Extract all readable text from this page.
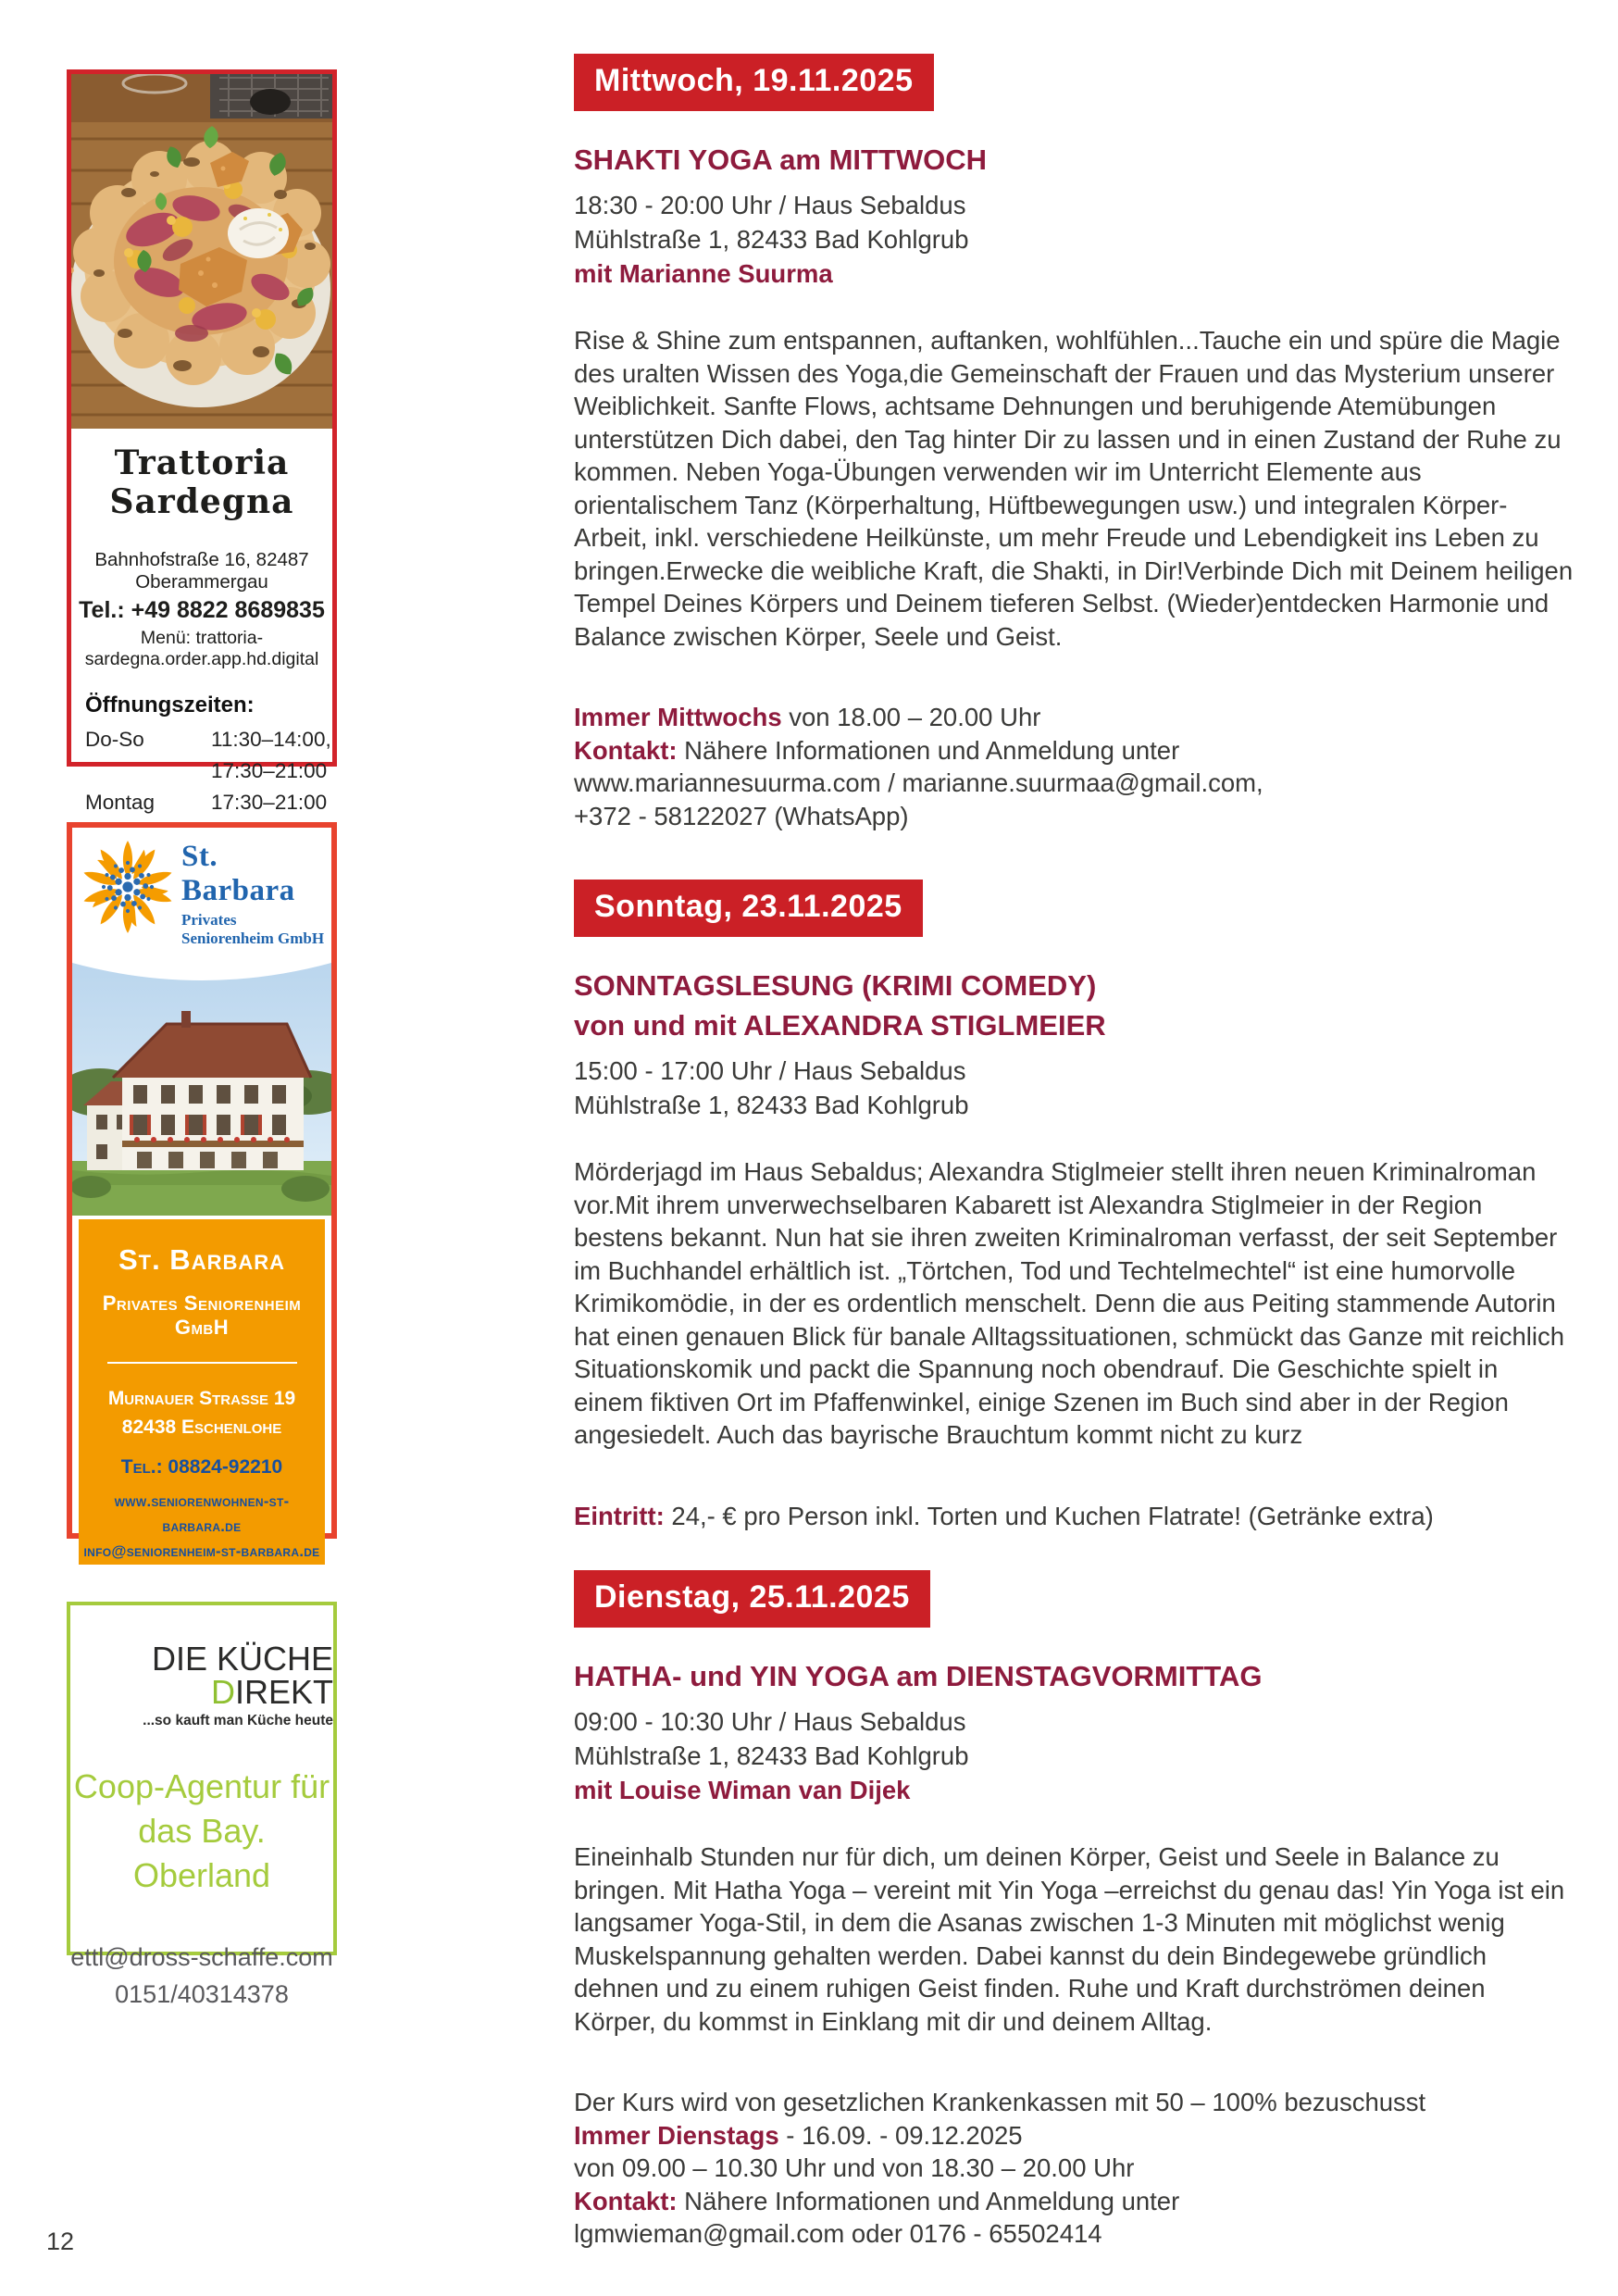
Trattoria Sardegna
Bahnhofstraße 16, 82487 Oberammergau
Tel.: +49 8822 8689835
Menü: trattoria-sardegna.order.app.hd.digital
Öffnungszeiten:
Do-So	11:30–14:00, 17:30–21:00
Montag	17:30–21:00
St. Barbara
Privates Seniorenheim GmbH
St. Barbara
Privates Seniorenheim GmbH
Murnauer Strasse 19
82438 Eschenlohe
Tel.: 08824-92210
www.seniorenwohnen-st-barbara.de
info@seniorenheim-st-barbara.de
DIE KÜCHE DIREKT
...so kauft man Küche heute
Coop-Agentur für
das Bay. Oberland
ettl@dross-schaffe.com
0151/40314378
12
Mittwoch, 19.11.2025
SHAKTI YOGA am MITTWOCH
18:30 - 20:00 Uhr / Haus Sebaldus
Mühlstraße 1, 82433 Bad Kohlgrub
mit Marianne Suurma

Rise & Shine zum entspannen, auftanken, wohlfühlen...Tauche ein und spüre die Magie des uralten Wissen des Yoga,die Gemeinschaft der Frauen und das Mysterium unserer Weiblichkeit. Sanfte Flows, achtsame Dehnungen und beruhigende Atemübungen unterstützen Dich dabei, den Tag hinter Dir zu lassen und in einen Zustand der Ruhe zu kommen. Neben Yoga-Übungen verwenden wir im Unterricht Elemente aus orientalischem Tanz (Körperhaltung, Hüftbewegungen usw.) und integralen Körper-Arbeit, inkl. verschiedene Heilkünste, um mehr Freude und Lebendigkeit ins Leben zu bringen.Erwecke die weibliche Kraft, die Shakti, in Dir!Verbinde Dich mit Deinem heiligen Tempel Deines Körpers und Deinem tieferen Selbst. (Wieder)entdecken Harmonie und Balance zwischen Körper, Seele und Geist.

Immer Mittwochs von 18.00 – 20.00 Uhr
Kontakt: Nähere Informationen und Anmeldung unter
www.mariannesuurma.com / marianne.suurmaa@gmail.com,
+372 - 58122027 (WhatsApp)
Sonntag, 23.11.2025
SONNTAGSLESUNG (KRIMI COMEDY)
von und mit ALEXANDRA STIGLMEIER
15:00 - 17:00 Uhr / Haus Sebaldus
Mühlstraße 1, 82433 Bad Kohlgrub

Mörderjagd im Haus Sebaldus; Alexandra Stiglmeier stellt ihren neuen Kriminalroman vor.Mit ihrem unverwechselbaren Kabarett ist Alexandra Stiglmeier in der Region bestens bekannt. Nun hat sie ihren zweiten Kriminalroman verfasst, der seit September im Buchhandel erhältlich ist. „Törtchen, Tod und Techtelmechtel“ ist eine humorvolle Krimikomödie, in der es ordentlich menschelt. Denn die aus Peiting stammende Autorin hat einen genauen Blick für banale Alltagssituationen, schmückt das Ganze mit reichlich Situationskomik und packt die Spannung noch obendrauf. Die Geschichte spielt in einem fiktiven Ort im Pfaffenwinkel, einige Szenen im Buch sind aber in der Region angesiedelt. Auch das bayrische Brauchtum kommt nicht zu kurz

Eintritt: 24,- € pro Person inkl. Torten und Kuchen Flatrate! (Getränke extra)
Dienstag, 25.11.2025
HATHA- und YIN YOGA am DIENSTAGVORMITTAG
09:00 - 10:30 Uhr / Haus Sebaldus
Mühlstraße 1, 82433 Bad Kohlgrub
mit Louise Wiman van Dijek

Eineinhalb Stunden nur für dich, um deinen Körper, Geist und Seele in Balance zu bringen. Mit Hatha Yoga – vereint mit Yin Yoga –erreichst du genau das! Yin Yoga ist ein langsamer Yoga-Stil, in dem die Asanas zwischen 1-3 Minuten mit möglichst wenig Muskelspannung gehalten werden. Dabei kannst du dein Bindegewebe gründlich dehnen und zu einem ruhigen Geist finden. Ruhe und Kraft durchströmen deinen Körper, du kommst in Einklang mit dir und deinem Alltag.

Der Kurs wird von gesetzlichen Krankenkassen mit 50 – 100% bezuschusst
Immer Dienstags - 16.09. - 09.12.2025
von 09.00 – 10.30 Uhr und von 18.30 – 20.00 Uhr
Kontakt: Nähere Informationen und Anmeldung unter
lgmwieman@gmail.com oder 0176 - 65502414
